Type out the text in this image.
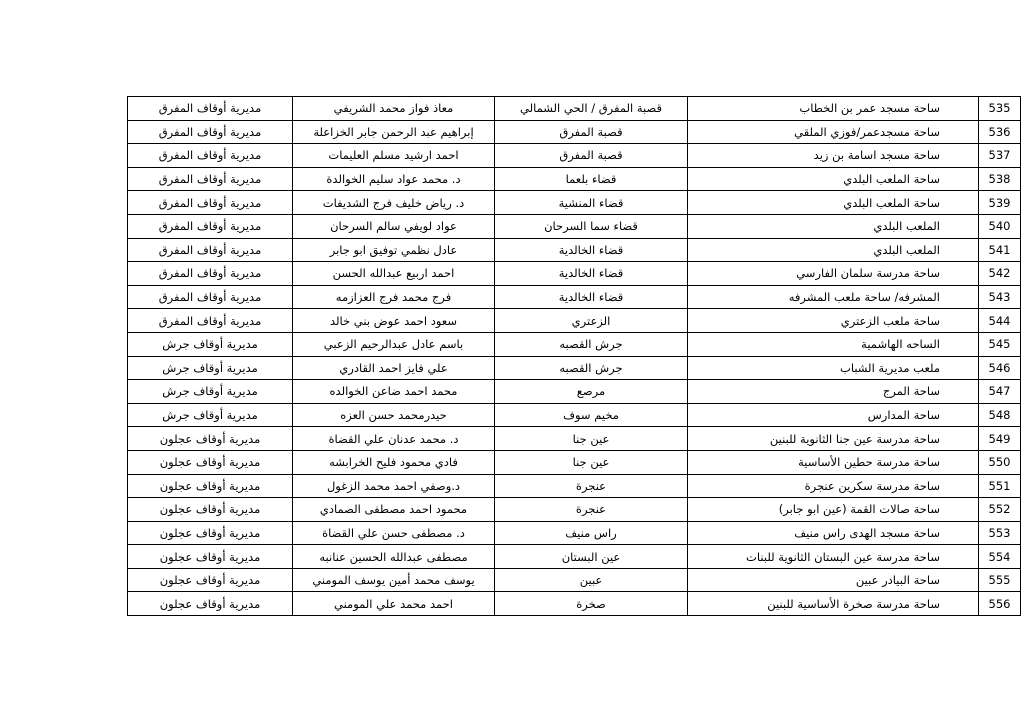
مديرية أوقاف المفرق	معاذ فواز محمد الشريفي	قصبة المفرق / الحي الشمالي	ساحة مسجد عمر بن الخطاب	535
مديرية أوقاف المفرق	إبراهيم عبد الرحمن جابر الخزاعلة	قصبة المفرق	ساحة مسجدعمر/فوزي الملقي	536
مديرية أوقاف المفرق	احمد ارشيد مسلم العليمات	قصبة المفرق	ساحة مسجد اسامة بن زيد	537
مديرية أوقاف المفرق	د. محمد عواد سليم الخوالدة	قضاء بلعما	ساحة الملعب البلدي	538
مديرية أوقاف المفرق	د. رياض خليف فرج الشديفات	قضاء المنشية	ساحة الملعب البلدي	539
مديرية أوقاف المفرق	عواد لويفي سالم السرحان	قضاء سما السرحان	الملعب البلدي	540
مديرية أوقاف المفرق	عادل نظمي توفيق ابو جابر	قضاء الخالدية	الملعب البلدي	541
مديرية أوقاف المفرق	احمد اربيع عبدالله الحسن	قضاء الخالدية	ساحة مدرسة سلمان الفارسي	542
مديرية أوقاف المفرق	فرج محمد فرج العزازمه	قضاء الخالدية	المشرفه/ ساحة ملعب المشرفه	543
مديرية أوقاف المفرق	سعود احمد عوض بني خالد	الزعتري	ساحة ملعب الزعتري	544
مديرية أوقاف جرش	باسم عادل عبدالرحيم الزعبي	جرش القصبه	الساحه الهاشمية	545
مديرية أوقاف جرش	علي فايز احمد القادري	جرش القصبه	ملعب مديرية الشباب	546
مديرية أوقاف جرش	محمد احمد ضاعن الخوالده	مرصع	ساحة المرج	547
مديرية أوقاف جرش	حيدرمحمد حسن العزه	مخيم سوف	ساحة المدارس	548
مديرية أوقاف عجلون	د. محمد عدنان علي القضاة	عين جنا	ساحة مدرسة عين جنا الثانوية للبنين	549
مديرية أوقاف عجلون	فادي محمود فليح الخرابشه	عين جنا	ساحة مدرسة حطين الأساسية	550
مديرية أوقاف عجلون	د.وصفي احمد محمد الزغول	عنجرة	ساحة مدرسة سكرين عنجرة	551
مديرية أوقاف عجلون	محمود احمد مصطفى الصمادي	عنجرة	ساحة صالات القمة (عين ابو جابر)	552
مديرية أوقاف عجلون	د. مصطفى حسن علي القضاة	راس منيف	ساحة مسجد الهدى راس منيف	553
مديرية أوقاف عجلون	مصطفى عبدالله الحسين عنانبه	عين البستان	ساحة مدرسة عين البستان الثانوية للبنات	554
مديرية أوقاف عجلون	يوسف محمد أمين يوسف المومني	عبين	ساحة البيادر عبين	555
مديرية أوقاف عجلون	احمد محمد علي المومني	صخرة	ساحة مدرسة صخرة الأساسية للبنين	556
